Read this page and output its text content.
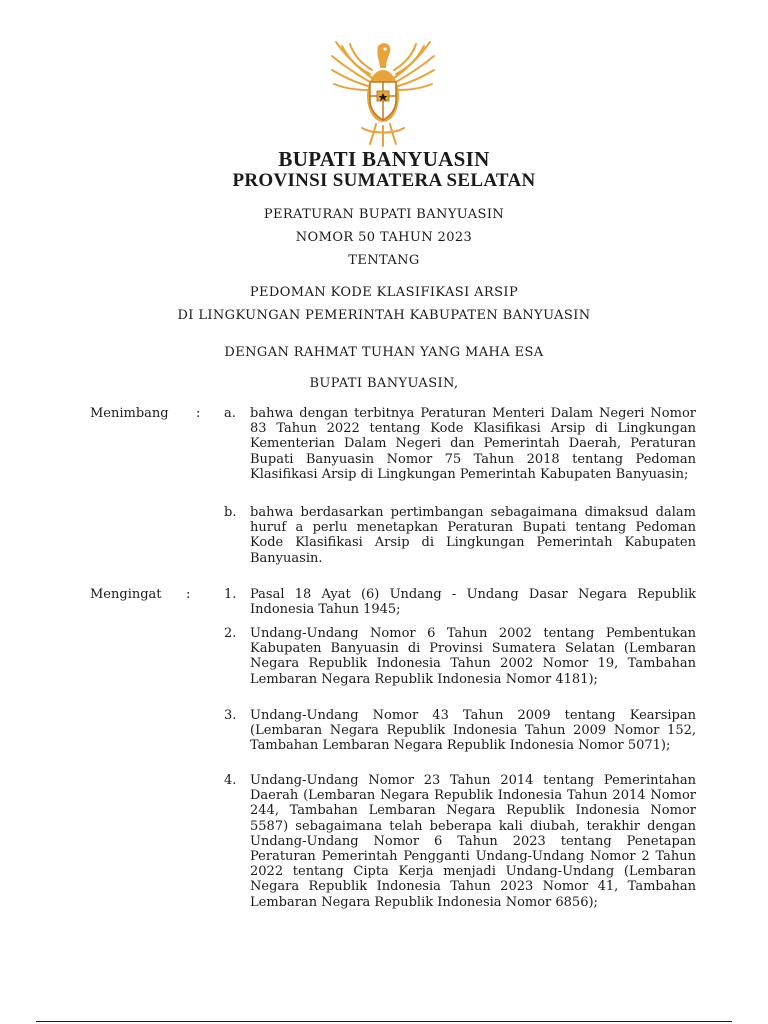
BUPATI BANYUASIN
PROVINSI SUMATERA SELATAN
PERATURAN BUPATI BANYUASIN
NOMOR 50 TAHUN 2023
TENTANG
PEDOMAN KODE KLASIFIKASI ARSIP
DI LINGKUNGAN PEMERINTAH KABUPATEN BANYUASIN
DENGAN RAHMAT TUHAN YANG MAHA ESA
BUPATI BANYUASIN,
Menimbang : a. bahwa dengan terbitnya Peraturan Menteri Dalam Negeri Nomor 83 Tahun 2022 tentang Kode Klasifikasi Arsip di Lingkungan Kementerian Dalam Negeri dan Pemerintah Daerah, Peraturan Bupati Banyuasin Nomor 75 Tahun 2018 tentang Pedoman Klasifikasi Arsip di Lingkungan Pemerintah Kabupaten Banyuasin;

b. bahwa berdasarkan pertimbangan sebagaimana dimaksud dalam huruf a perlu menetapkan Peraturan Bupati tentang Pedoman Kode Klasifikasi Arsip di Lingkungan Pemerintah Kabupaten Banyuasin.

Mengingat :	1. Pasal 18 Ayat (6) Undang - Undang Dasar Negara Republik Indonesia Tahun 1945;

2. Undang-Undang Nomor 6 Tahun 2002 tentang Pembentukan Kabupaten Banyuasin di Provinsi Sumatera Selatan (Lembaran Negara Republik Indonesia Tahun 2002 Nomor 19, Tambahan Lembaran Negara Republik Indonesia Nomor 4181);

3. Undang-Undang Nomor 43 Tahun 2009 tentang Kearsipan (Lembaran Negara Republik Indonesia Tahun 2009 Nomor 152, Tambahan Lembaran Negara Republik Indonesia Nomor 5071);

4. Undang-Undang Nomor 23 Tahun 2014 tentang Pemerintahan Daerah (Lembaran Negara Republik Indonesia Tahun 2014 Nomor 244, Tambahan Lembaran Negara Republik Indonesia Nomor 5587) sebagaimana telah beberapa kali diubah, terakhir dengan Undang-Undang Nomor 6 Tahun 2023 tentang Penetapan Peraturan Pemerintah Pengganti Undang-Undang Nomor 2 Tahun 2022 tentang Cipta Kerja menjadi Undang-Undang (Lembaran Negara Republik Indonesia Tahun 2023 Nomor 41, Tambahan Lembaran Negara Republik Indonesia Nomor 6856);
